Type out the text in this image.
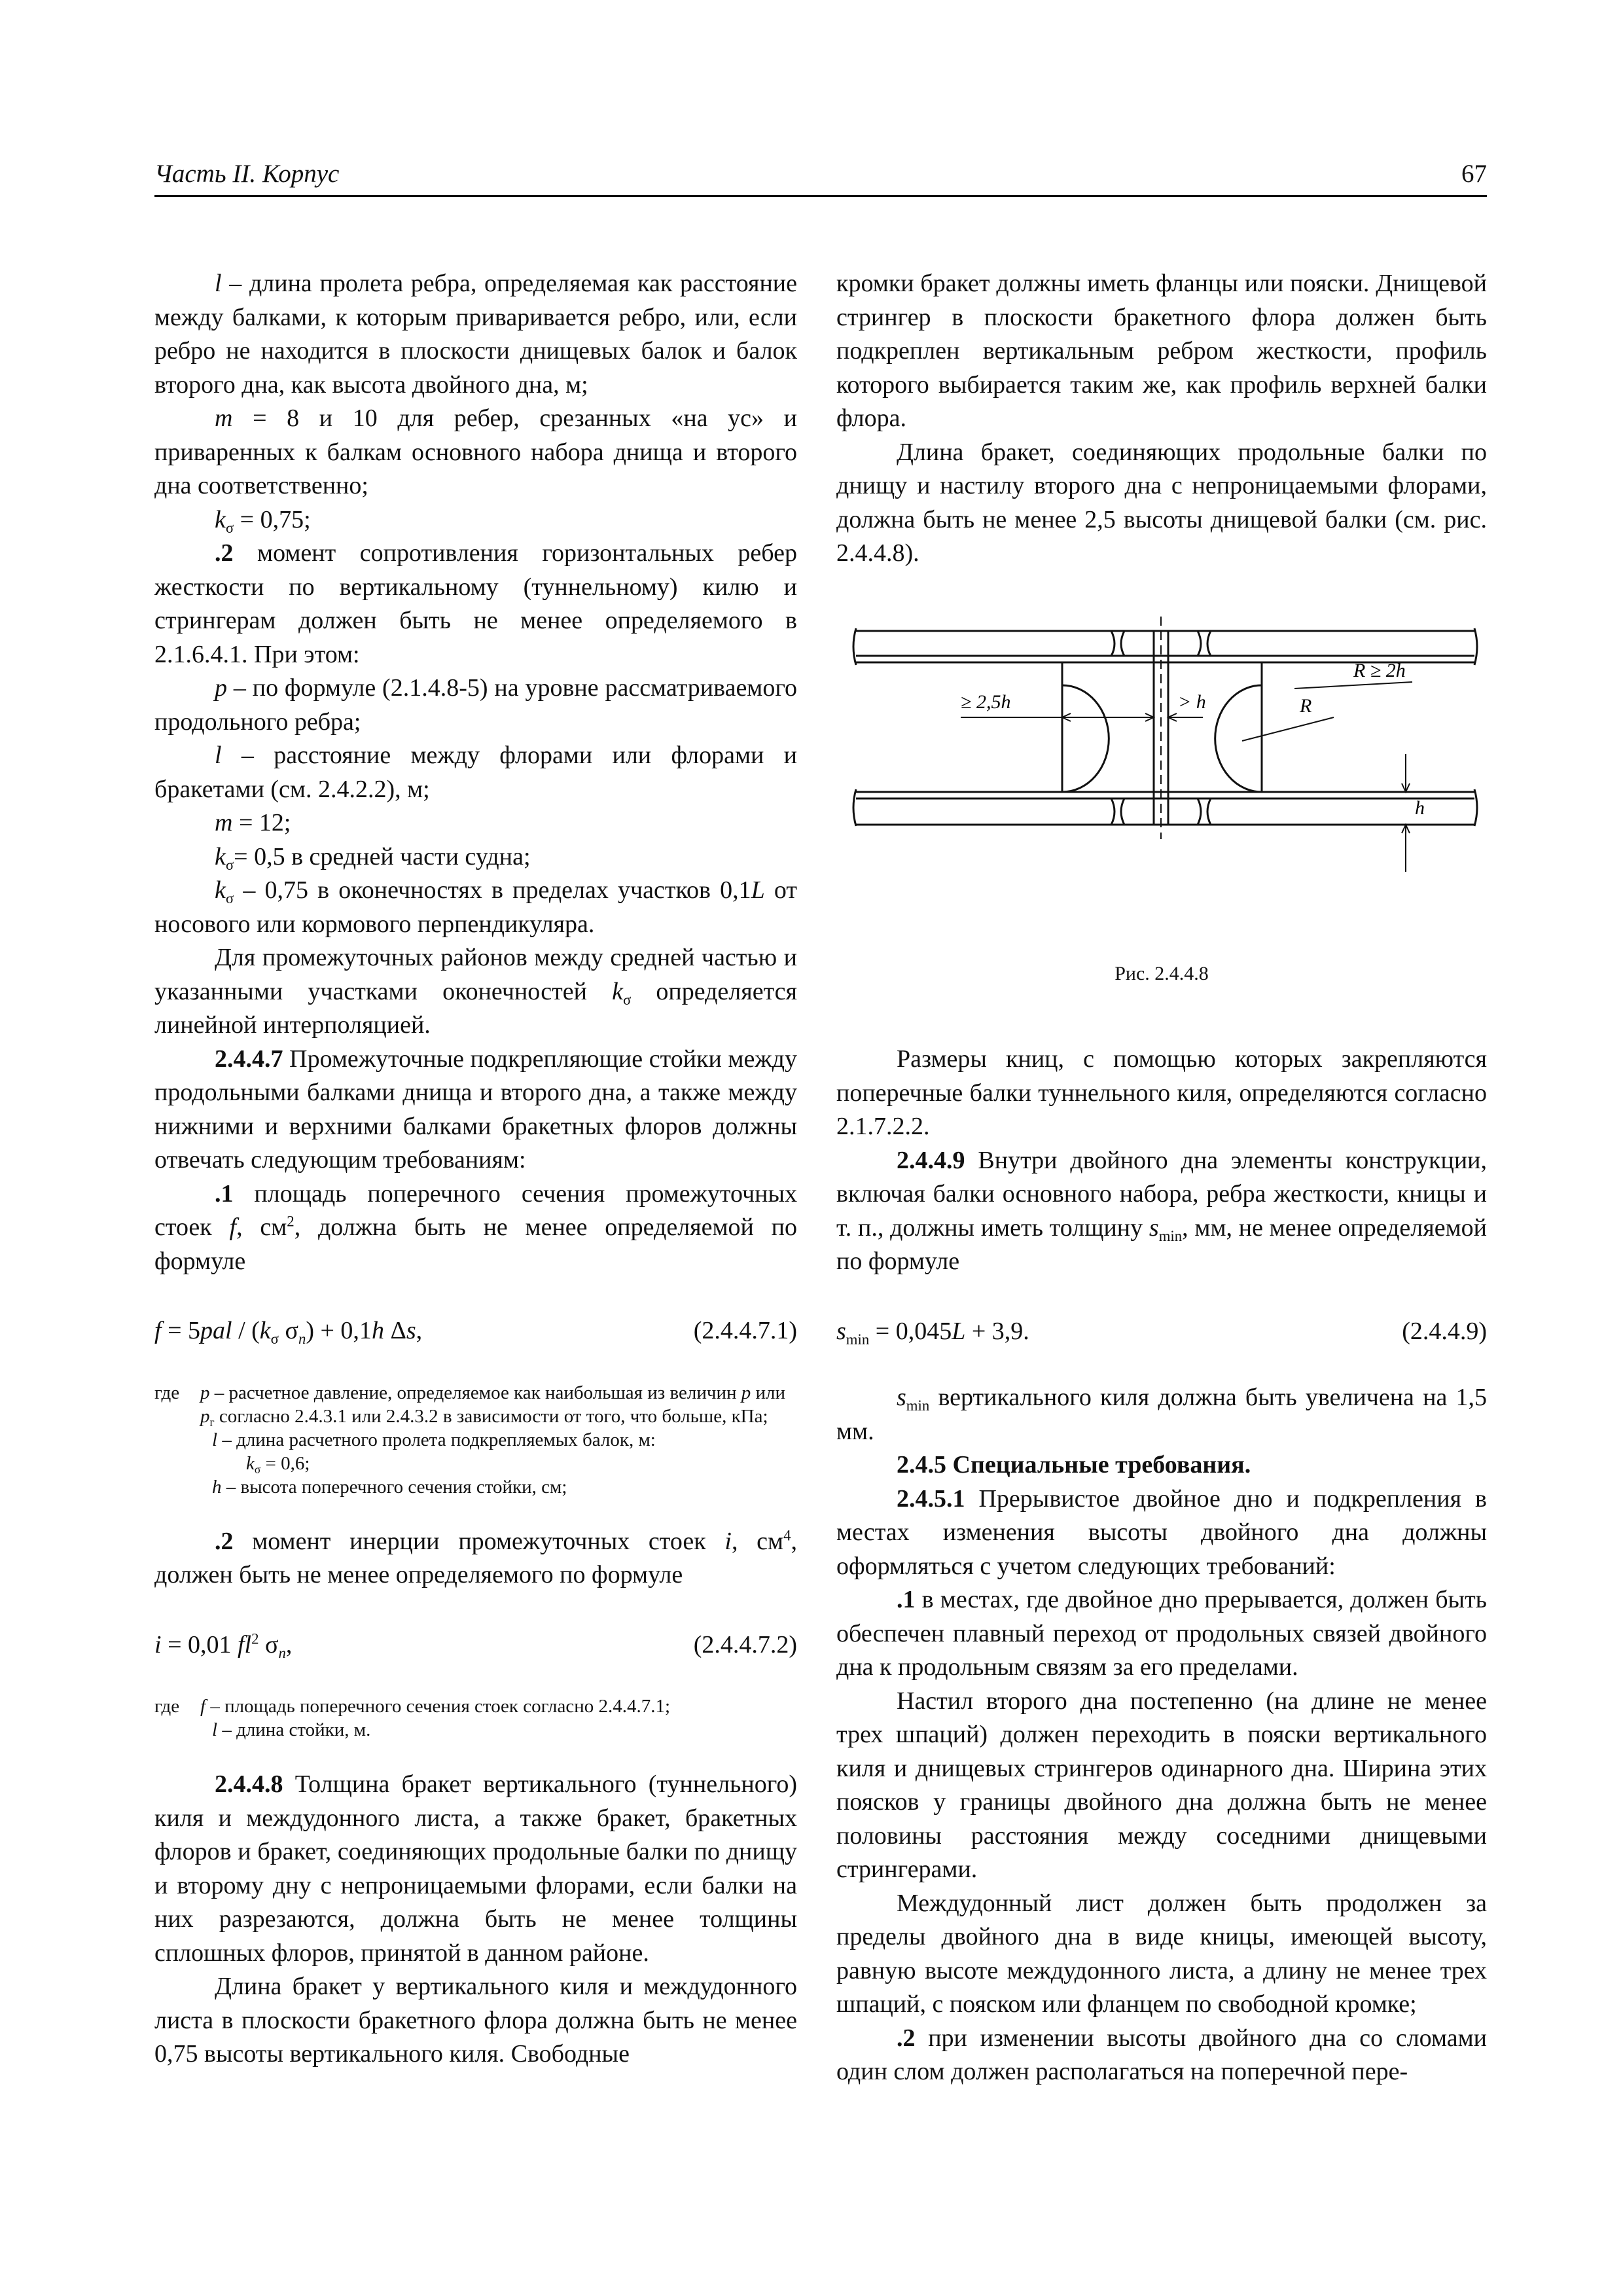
Часть II. Корпус	67

l – длина пролета ребра, определяемая как расстояние между балками, к которым приваривается ребро, или, если ребро не находится в плоскости днищевых балок и балок второго дна, как высота двойного дна, м;

m = 8 и 10 для ребер, срезанных «на ус» и приваренных к балкам основного набора днища и второго дна соответственно;

$k_\sigma = 0,75$;

.2 момент сопротивления горизонтальных ребер жесткости по вертикальному (туннельному) килю и стрингерам должен быть не менее определяемого в 2.1.6.4.1. При этом:

p – по формуле (2.1.4.8-5) на уровне рассматриваемого продольного ребра;

l – расстояние между флорами или флорами и бракетами (см. 2.4.2.2), м;

m = 12;

$k_\sigma= 0,5$ в средней части судна;

$k_\sigma - 0,75$ в оконечностях в пределах участков 0,1L от носового или кормового перпендикуляра.

Для промежуточных районов между средней частью и указанными участками оконечностей $k_\sigma$ определяется линейной интерполяцией.

2.4.4.7 Промежуточные подкрепляющие стойки между продольными балками днища и второго дна, а также между нижними и верхними балками бракетных флоров должны отвечать следующим требованиям:

.1 площадь поперечного сечения промежуточных стоек f, $см^2$, должна быть не менее определяемой по формуле

$f = 5pal / (k_\sigma$ $\sigma_n) + 0,1h$ Δs,	(2.4.4.7.1)
где	p – расчетное давление, определяемое как наибольшая из величин p или $p_г$ согласно 2.4.3.1 или 2.4.3.2 в зависимости от того, что больше, кПа;
l – длина расчетного пролета подкрепляемых балок, м:
$k_\sigma = 0,6$;
h – высота поперечного сечения стойки, см;

.2 момент инерции промежуточных стоек i, $см^4$, должен быть не менее определяемого по формуле

i = 0,01 $fl^2$ $\sigma_n$,	(2.4.4.7.2)
где	f – площадь поперечного сечения стоек согласно 2.4.4.7.1;
l – длина стойки, м.

2.4.4.8 Толщина бракет вертикального (туннельного) киля и междудонного листа, а также бракет, бракетных флоров и бракет, соединяющих продольные балки по днищу и второму дну с непроницаемыми флорами, если балки на них разрезаются, должна быть не менее толщины сплошных флоров, принятой в данном районе.

Длина бракет у вертикального киля и междудонного листа в плоскости бракетного флора должна быть не менее 0,75 высоты вертикального киля. Свободные

кромки бракет должны иметь фланцы или пояски. Днищевой стрингер в плоскости бракетного флора должен быть подкреплен вертикальным ребром жесткости, профиль которого выбирается таким же, как профиль верхней балки флора.

Длина бракет, соединяющих продольные балки по днищу и настилу второго дна с непроницаемыми флорами, должна быть не менее 2,5 высоты днищевой балки (см. рис. 2.4.4.8).

≥ 2,5h	> h	R
R ≥ 2h
h
Рис. 2.4.4.8

Размеры книц, с помощью которых закрепляются поперечные балки туннельного киля, определяются согласно 2.1.7.2.2.

2.4.4.9 Внутри двойного дна элементы конструкции, включая балки основного набора, ребра жесткости, кницы и т. п., должны иметь толщину $s_{min}$, мм, не менее определяемой по формуле

$s_{min} = 0,045L + 3,9$.	(2.4.4.9)

$s_{min}$ вертикального киля должна быть увеличена на 1,5 мм.

2.4.5 Специальные требования.

2.4.5.1 Прерывистое двойное дно и подкрепления в местах изменения высоты двойного дна должны оформляться с учетом следующих требований:

.1 в местах, где двойное дно прерывается, должен быть обеспечен плавный переход от продольных связей двойного дна к продольным связям за его пределами.

Настил второго дна постепенно (на длине не менее трех шпаций) должен переходить в пояски вертикального киля и днищевых стрингеров одинарного дна. Ширина этих поясков у границы двойного дна должна быть не менее половины расстояния между соседними днищевыми стрингерами.

Междудонный лист должен быть продолжен за пределы двойного дна в виде кницы, имеющей высоту, равную высоте междудонного листа, а длину не менее трех шпаций, с пояском или фланцем по свободной кромке;

.2 при изменении высоты двойного дна со сломами один слом должен располагаться на поперечной пере-
